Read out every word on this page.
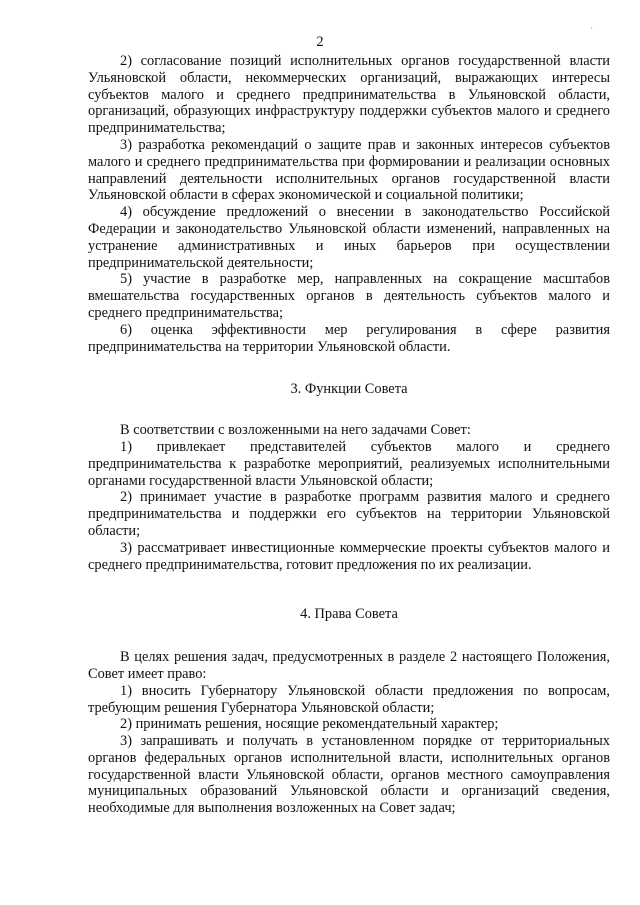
2
'

2) согласование позиций исполнительных органов государственной власти Ульяновской области, некоммерческих организаций, выражающих интересы субъектов малого и среднего предпринимательства в Ульяновской области, организаций, образующих инфраструктуру поддержки субъектов малого и среднего предпринимательства;

3) разработка рекомендаций о защите прав и законных интересов субъектов малого и среднего предпринимательства при формировании и реализации основных направлений деятельности исполнительных органов государственной власти Ульяновской области в сферах экономической и социальной политики;

4) обсуждение предложений о внесении в законодательство Российской Федерации и законодательство Ульяновской области изменений, направленных на устранение административных и иных барьеров при осуществлении предпринимательской деятельности;

5) участие в разработке мер, направленных на сокращение масштабов вмешательства государственных органов в деятельность субъектов малого и среднего предпринимательства;

6) оценка эффективности мер регулирования в сфере развития предпринимательства на территории Ульяновской области.

3. Функции Совета

В соответствии с возложенными на него задачами Совет:

1) привлекает представителей субъектов малого и среднего предпринимательства к разработке мероприятий, реализуемых исполнительными органами государственной власти Ульяновской области;

2) принимает участие в разработке программ развития малого и среднего предпринимательства и поддержки его субъектов на территории Ульяновской области;

3) рассматривает инвестиционные коммерческие проекты субъектов малого и среднего предпринимательства, готовит предложения по их реализации.

4. Права Совета

В целях решения задач, предусмотренных в разделе 2 настоящего Положения, Совет имеет право:

1) вносить Губернатору Ульяновской области предложения по вопросам, требующим решения Губернатора Ульяновской области;

2) принимать решения, носящие рекомендательный характер;

3) запрашивать и получать в установленном порядке от территориальных органов федеральных органов исполнительной власти, исполнительных органов государственной власти Ульяновской области, органов местного самоуправления муниципальных образований Ульяновской области и организаций сведения, необходимые для выполнения возложенных на Совет задач;
